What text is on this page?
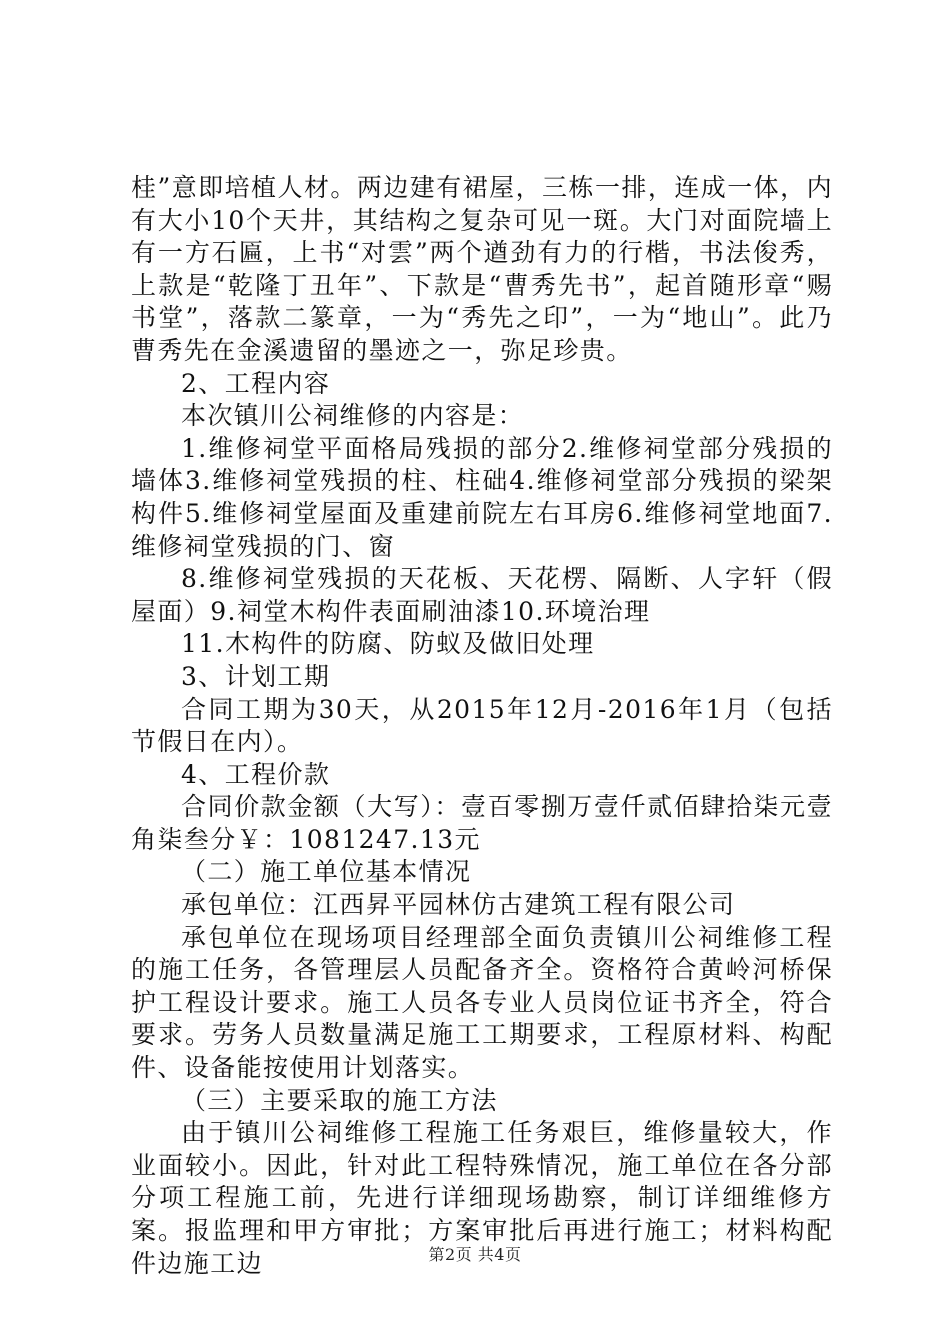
桂”意即培植人材。两边建有裙屋，三栋一排，连成一体，内有大小10个天井，其结构之复杂可见一斑。大门对面院墙上有一方石匾，上书“对雲”两个遒劲有力的行楷，书法俊秀，上款是“乾隆丁丑年”、下款是“曹秀先书”，起首随形章“赐书堂”，落款二篆章，一为“秀先之印”，一为“地山”。此乃曹秀先在金溪遗留的墨迹之一，弥足珍贵。

2、工程内容

本次镇川公祠维修的内容是：

1.维修祠堂平面格局残损的部分2.维修祠堂部分残损的墙体3.维修祠堂残损的柱、柱础4.维修祠堂部分残损的梁架构件5.维修祠堂屋面及重建前院左右耳房6.维修祠堂地面7.维修祠堂残损的门、窗

8.维修祠堂残损的天花板、天花楞、隔断、人字轩（假屋面）9.祠堂木构件表面刷油漆10.环境治理

11.木构件的防腐、防蚁及做旧处理

3、计划工期

合同工期为30天，从2015年12月-2016年1月（包括节假日在内）。

4、工程价款

合同价款金额（大写）：壹百零捌万壹仟贰佰肆拾柒元壹角柒叁分￥：1081247.13元

（二）施工单位基本情况

承包单位：江西昇平园林仿古建筑工程有限公司

承包单位在现场项目经理部全面负责镇川公祠维修工程的施工任务，各管理层人员配备齐全。资格符合黄岭河桥保护工程设计要求。施工人员各专业人员岗位证书齐全，符合要求。劳务人员数量满足施工工期要求，工程原材料、构配件、设备能按使用计划落实。

（三）主要采取的施工方法

由于镇川公祠维修工程施工任务艰巨，维修量较大，作业面较小。因此，针对此工程特殊情况，施工单位在各分部分项工程施工前，先进行详细现场勘察，制订详细维修方案。报监理和甲方审批；方案审批后再进行施工；材料构配件边施工边	第2页 共4页
